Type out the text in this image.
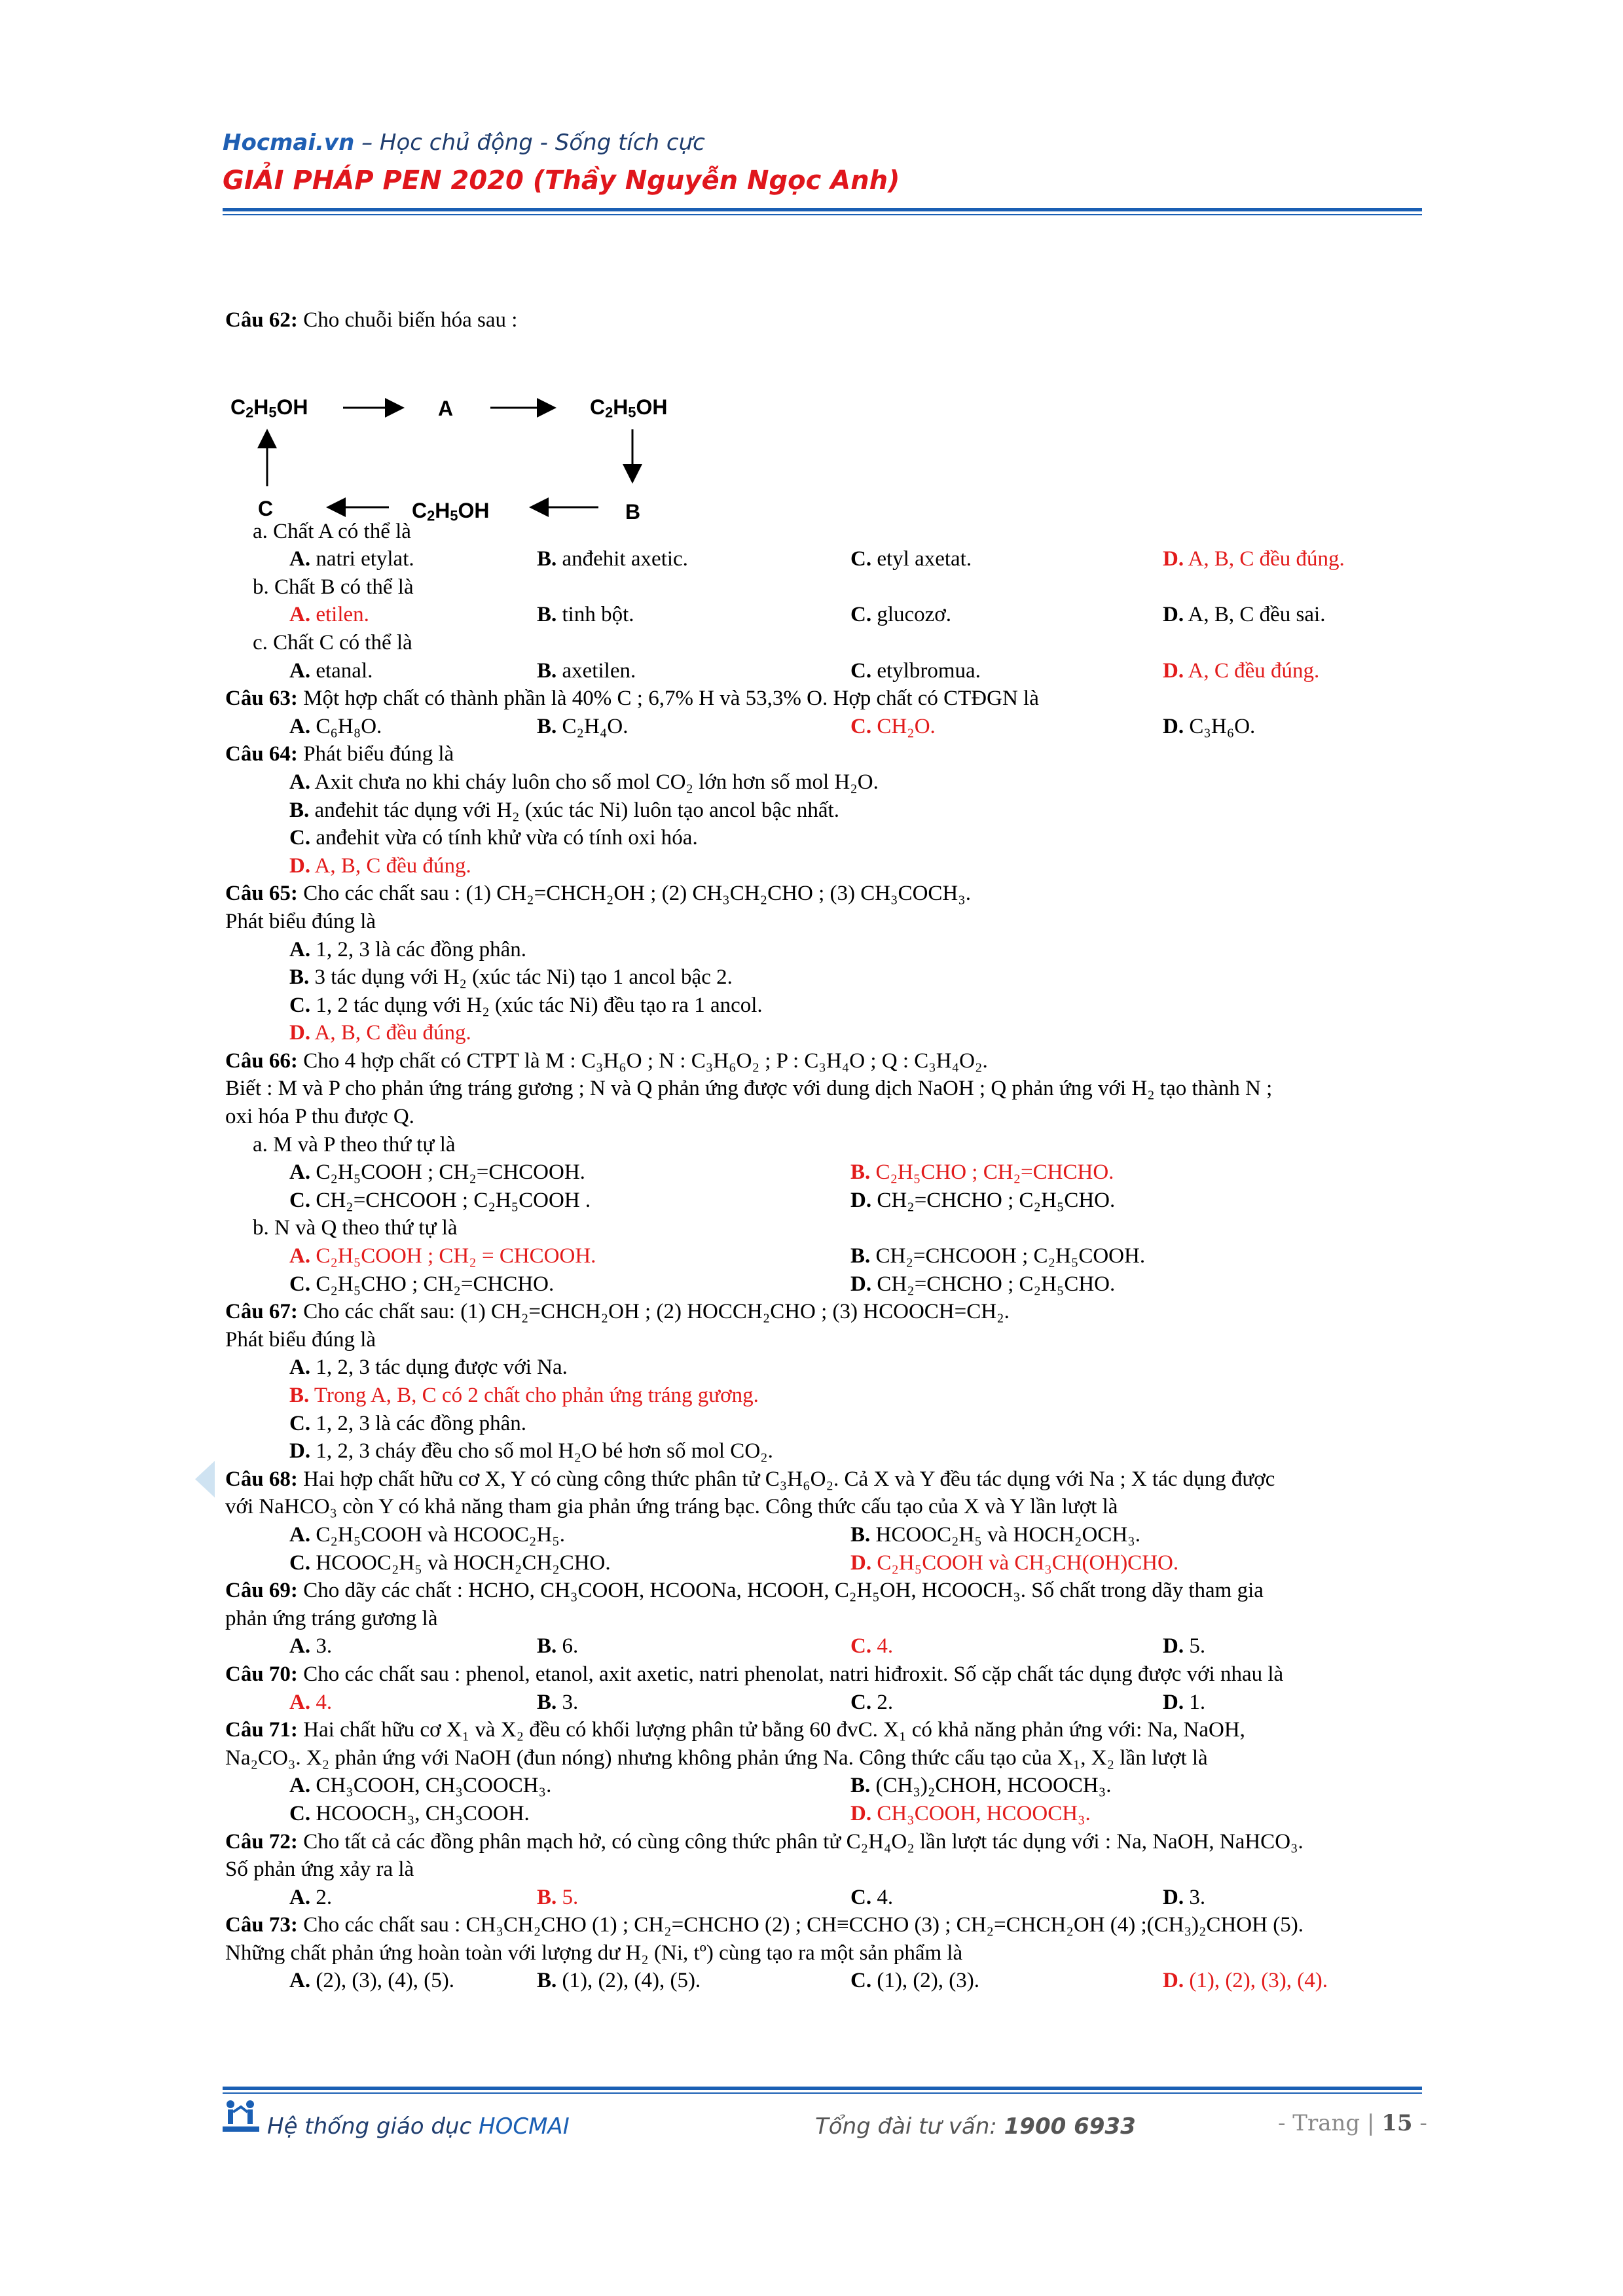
Hocmai.vn – Học chủ động - Sống tích cực
GIẢI PHÁP PEN 2020 (Thầy Nguyễn Ngọc Anh)
Câu 62: Cho chuỗi biến hóa sau :
$C_2H_5OH$	A	$C_2H_5OH$
C	$C_2H_5OH$	B
a. Chất A có thể là
A. natri etylat.	B. anđehit axetic.	C. etyl axetat.	D. A, B, C đều đúng.
b. Chất B có thể là
A. etilen.	B. tinh bột.	C. glucozơ.	D. A, B, C đều sai.
c. Chất C có thể là
A. etanal.	B. axetilen.	C. etylbromua.	D. A, C đều đúng.
Câu 63: Một hợp chất có thành phần là 40% C ; 6,7% H và 53,3% O. Hợp chất có CTĐGN là
A. C₆H₈O.	B. C₂H₄O.	C. CH₂O.	D. C₃H₆O.
Câu 64: Phát biểu đúng là
A. Axit chưa no khi cháy luôn cho số mol CO₂ lớn hơn số mol H₂O.
B. anđehit tác dụng với H₂ (xúc tác Ni) luôn tạo ancol bậc nhất.
C. anđehit vừa có tính khử vừa có tính oxi hóa.
D. A, B, C đều đúng.
Câu 65: Cho các chất sau : (1) CH₂=CHCH₂OH ; (2) CH₃CH₂CHO ; (3) CH₃COCH₃.
Phát biểu đúng là
A. 1, 2, 3 là các đồng phân.
B. 3 tác dụng với H₂ (xúc tác Ni) tạo 1 ancol bậc 2.
C. 1, 2 tác dụng với H₂ (xúc tác Ni) đều tạo ra 1 ancol.
D. A, B, C đều đúng.
Câu 66: Cho 4 hợp chất có CTPT là M : C₃H₆O ; N : C₃H₆O₂ ; P : C₃H₄O ; Q : C₃H₄O₂.
Biết : M và P cho phản ứng tráng gương ; N và Q phản ứng được với dung dịch NaOH ; Q phản ứng với H₂ tạo thành N ;
oxi hóa P thu được Q.
a. M và P theo thứ tự là
A. C₂H₅COOH ; CH₂=CHCOOH.	B. C₂H₅CHO ; CH₂=CHCHO.
C. CH₂=CHCOOH ; C₂H₅COOH .	D. CH₂=CHCHO ; C₂H₅CHO.
b. N và Q theo thứ tự là
A. C₂H₅COOH ; CH₂ = CHCOOH.	B. CH₂=CHCOOH ; C₂H₅COOH.
C. C₂H₅CHO ; CH₂=CHCHO.	D. CH₂=CHCHO ; C₂H₅CHO.
Câu 67: Cho các chất sau: (1) CH₂=CHCH₂OH ; (2) HOCCH₂CHO ; (3) HCOOCH=CH₂.
Phát biểu đúng là
A. 1, 2, 3 tác dụng được với Na.
B. Trong A, B, C có 2 chất cho phản ứng tráng gương.
C. 1, 2, 3 là các đồng phân.
D. 1, 2, 3 cháy đều cho số mol H₂O bé hơn số mol CO₂.
Câu 68: Hai hợp chất hữu cơ X, Y có cùng công thức phân tử C₃H₆O₂. Cả X và Y đều tác dụng với Na ; X tác dụng được
với NaHCO₃ còn Y có khả năng tham gia phản ứng tráng bạc. Công thức cấu tạo của X và Y lần lượt là
A. C₂H₅COOH và HCOOC₂H₅.	B. HCOOC₂H₅ và HOCH₂OCH₃.
C. HCOOC₂H₅ và HOCH₂CH₂CHO.	D. C₂H₅COOH và CH₃CH(OH)CHO.
Câu 69: Cho dãy các chất : HCHO, CH₃COOH, HCOONa, HCOOH, C₂H₅OH, HCOOCH₃. Số chất trong dãy tham gia
phản ứng tráng gương là
A. 3.	B. 6.	C. 4.	D. 5.
Câu 70: Cho các chất sau : phenol, etanol, axit axetic, natri phenolat, natri hiđroxit. Số cặp chất tác dụng được với nhau là
A. 4.	B. 3.	C. 2.	D. 1.
Câu 71: Hai chất hữu cơ X₁ và X₂ đều có khối lượng phân tử bằng 60 đvC. X₁ có khả năng phản ứng với: Na, NaOH,
Na₂CO₃. X₂ phản ứng với NaOH (đun nóng) nhưng không phản ứng Na. Công thức cấu tạo của X₁, X₂ lần lượt là
A. CH₃COOH, CH₃COOCH₃.	B. (CH₃)₂CHOH, HCOOCH₃.
C. HCOOCH₃, CH₃COOH.	D. CH₃COOH, HCOOCH₃.
Câu 72: Cho tất cả các đồng phân mạch hở, có cùng công thức phân tử C₂H₄O₂ lần lượt tác dụng với : Na, NaOH, NaHCO₃.
Số phản ứng xảy ra là
A. 2.	B. 5.	C. 4.	D. 3.
Câu 73: Cho các chất sau : CH₃CH₂CHO (1) ; CH₂=CHCHO (2) ; CH≡CCHO (3) ; CH₂=CHCH₂OH (4) ;(CH₃)₂CHOH (5).
Những chất phản ứng hoàn toàn với lượng dư H₂ (Ni, tº) cùng tạo ra một sản phẩm là
A. (2), (3), (4), (5).	B. (1), (2), (4), (5).	C. (1), (2), (3).	D. (1), (2), (3), (4).
Hệ thống giáo dục HOCMAI	Tổng đài tư vấn: 1900 6933	- Trang | 15 -
